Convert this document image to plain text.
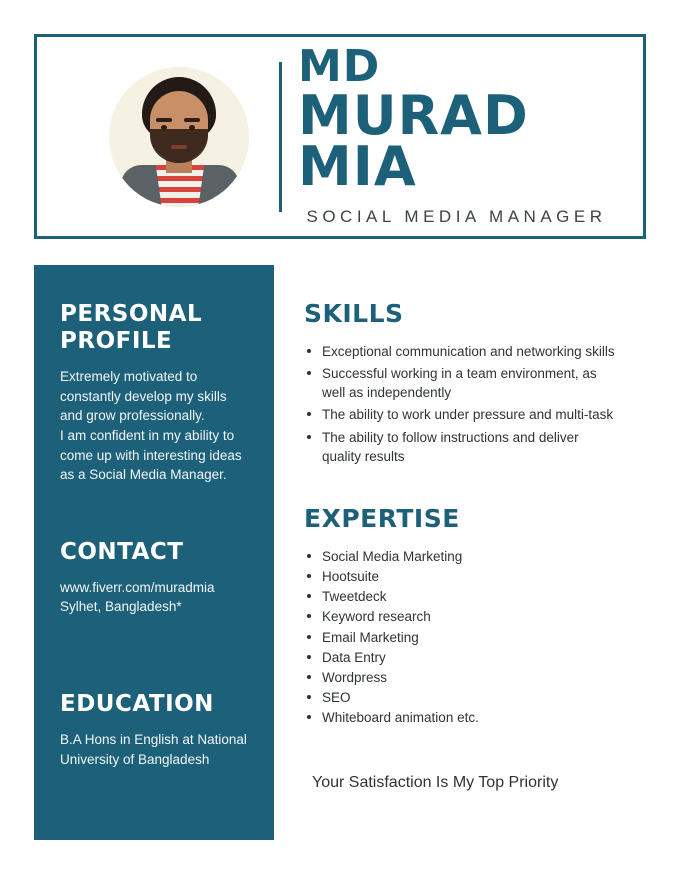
MD
MURAD MIA
SOCIAL MEDIA MANAGER
PERSONAL
PROFILE
Extremely motivated to
constantly develop my skills
and grow professionally.
I am confident in my ability to
come up with interesting ideas
as a Social Media Manager.
CONTACT
www.fiverr.com/muradmia
Sylhet, Bangladesh*
EDUCATION
B.A Hons in English at National
University of Bangladesh
SKILLS
Exceptional communication and networking skills
Successful working in a team environment, as well as independently
The ability to work under pressure and multi-task
The ability to follow instructions and deliver quality results
EXPERTISE
Social Media Marketing
Hootsuite
Tweetdeck
Keyword research
Email Marketing
Data Entry
Wordpress
SEO
Whiteboard animation etc.
Your Satisfaction Is My Top Priority
